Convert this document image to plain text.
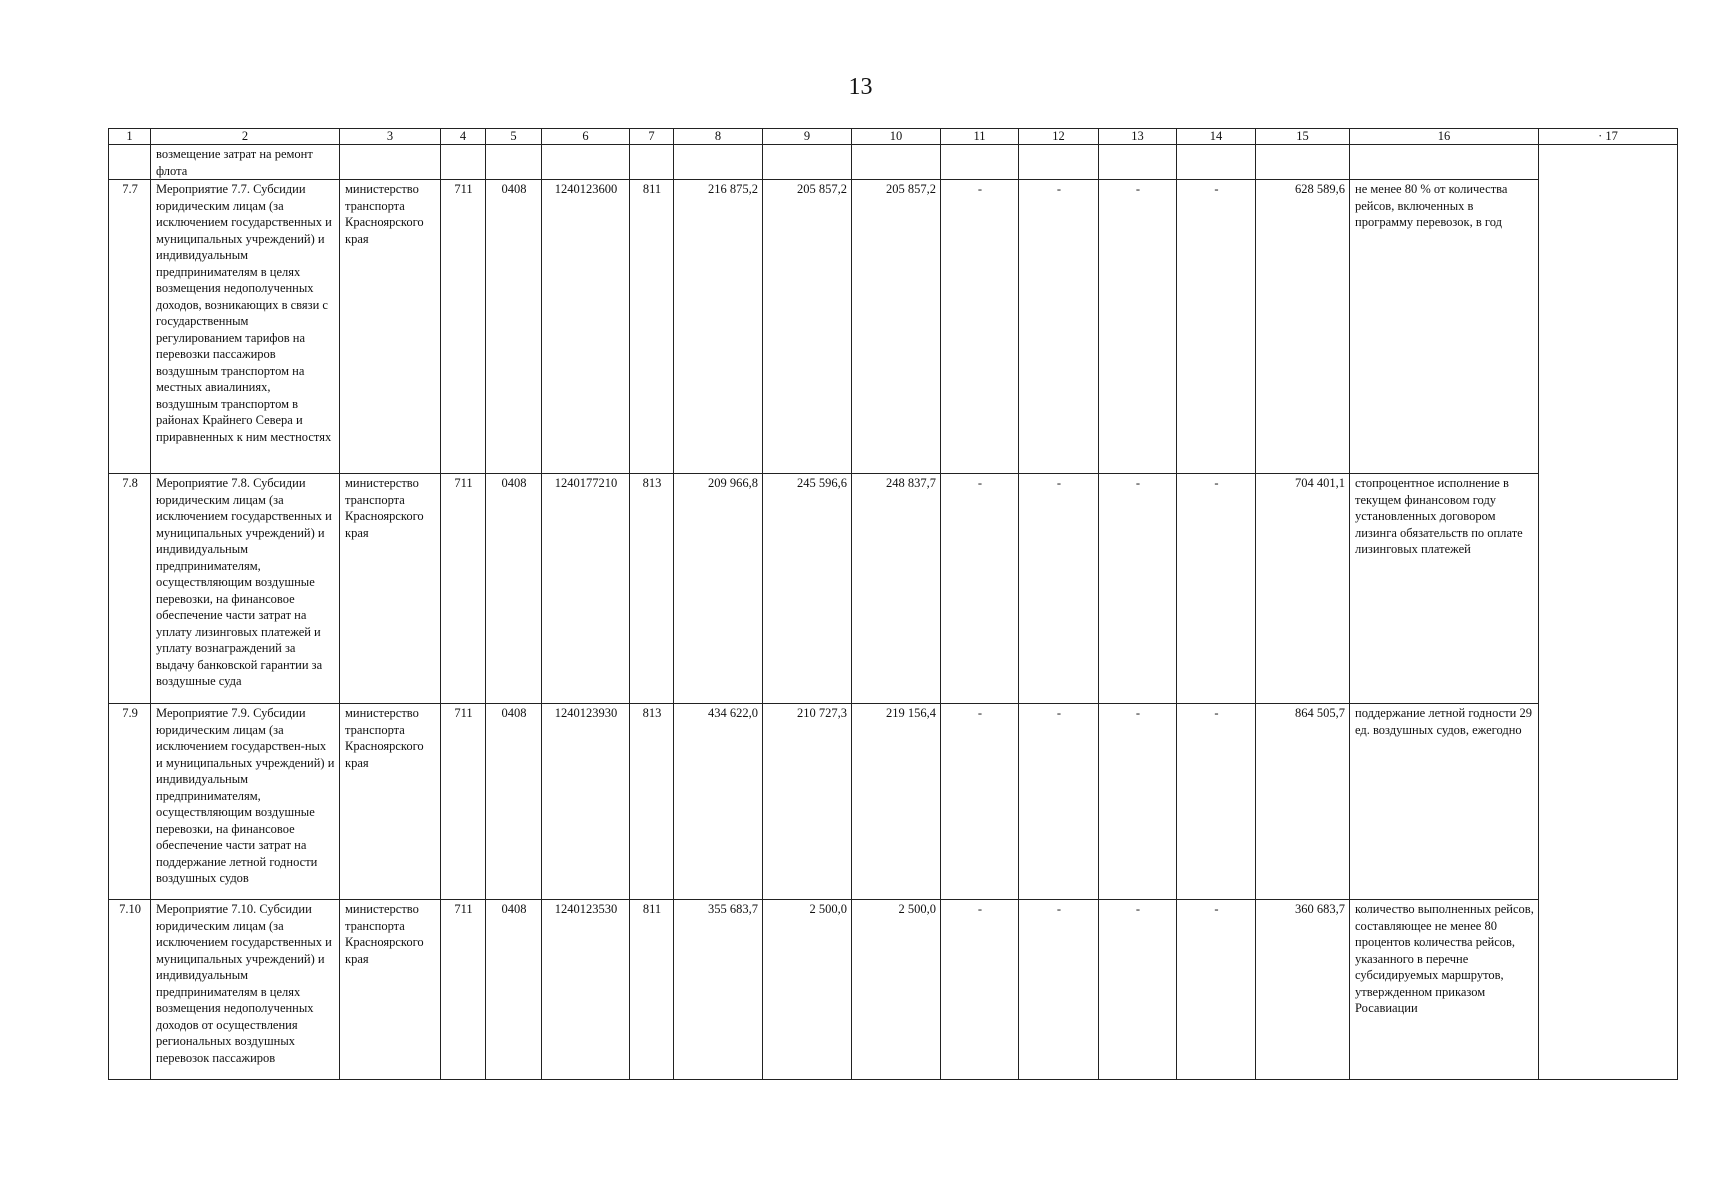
13
1	2	3	4	5	6	7	8	9	10	11	12	13	14	15	16	· 17
	возмещение затрат на ремонт флота															
7.7	Мероприятие 7.7. Субсидии юридическим лицам (за исключением государственных и муниципальных учреждений) и индивидуальным предпринимателям в целях возмещения недополученных доходов, возникающих в связи с государственным регулированием тарифов на перевозки пассажиров воздушным транспортом на местных авиалиниях, воздушным транспортом в районах Крайнего Севера и приравненных к ним местностях	министерство транспорта Красноярского края	711	0408	1240123600	811	216 875,2	205 857,2	205 857,2	-	-	-	-	628 589,6	не менее 80 % от количества рейсов, включенных в программу перевозок, в год	
7.8	Мероприятие 7.8. Субсидии юридическим лицам (за исключением государственных и муниципальных учреждений) и индивидуальным предпринимателям, осуществляющим воздушные перевозки, на финансовое обеспечение части затрат на уплату лизинговых платежей и уплату вознаграждений за выдачу банковской гарантии за воздушные суда	министерство транспорта Красноярского края	711	0408	1240177210	813	209 966,8	245 596,6	248 837,7	-	-	-	-	704 401,1	стопроцентное исполнение в текущем финансовом году установленных договором лизинга обязательств по оплате лизинговых платежей	
7.9	Мероприятие 7.9. Субсидии юридическим лицам (за исключением государствен-ных и муниципальных учреждений) и индивидуальным предпринимателям, осуществляющим воздушные перевозки, на финансовое обеспечение части затрат на поддержание летной годности воздушных судов	министерство транспорта Красноярского края	711	0408	1240123930	813	434 622,0	210 727,3	219 156,4	-	-	-	-	864 505,7	поддержание летной годности 29 ед. воздушных судов, ежегодно	
7.10	Мероприятие 7.10. Субсидии юридическим лицам (за исключением государственных и муниципальных учреждений) и индивидуальным предпринимателям в целях возмещения недополученных доходов от осуществления региональных воздушных перевозок пассажиров	министерство транспорта Красноярского края	711	0408	1240123530	811	355 683,7	2 500,0	2 500,0	-	-	-	-	360 683,7	количество выполненных рейсов, составляющее не менее 80 процентов количества рейсов, указанного в перечне субсидируемых маршрутов, утвержденном приказом Росавиации	
